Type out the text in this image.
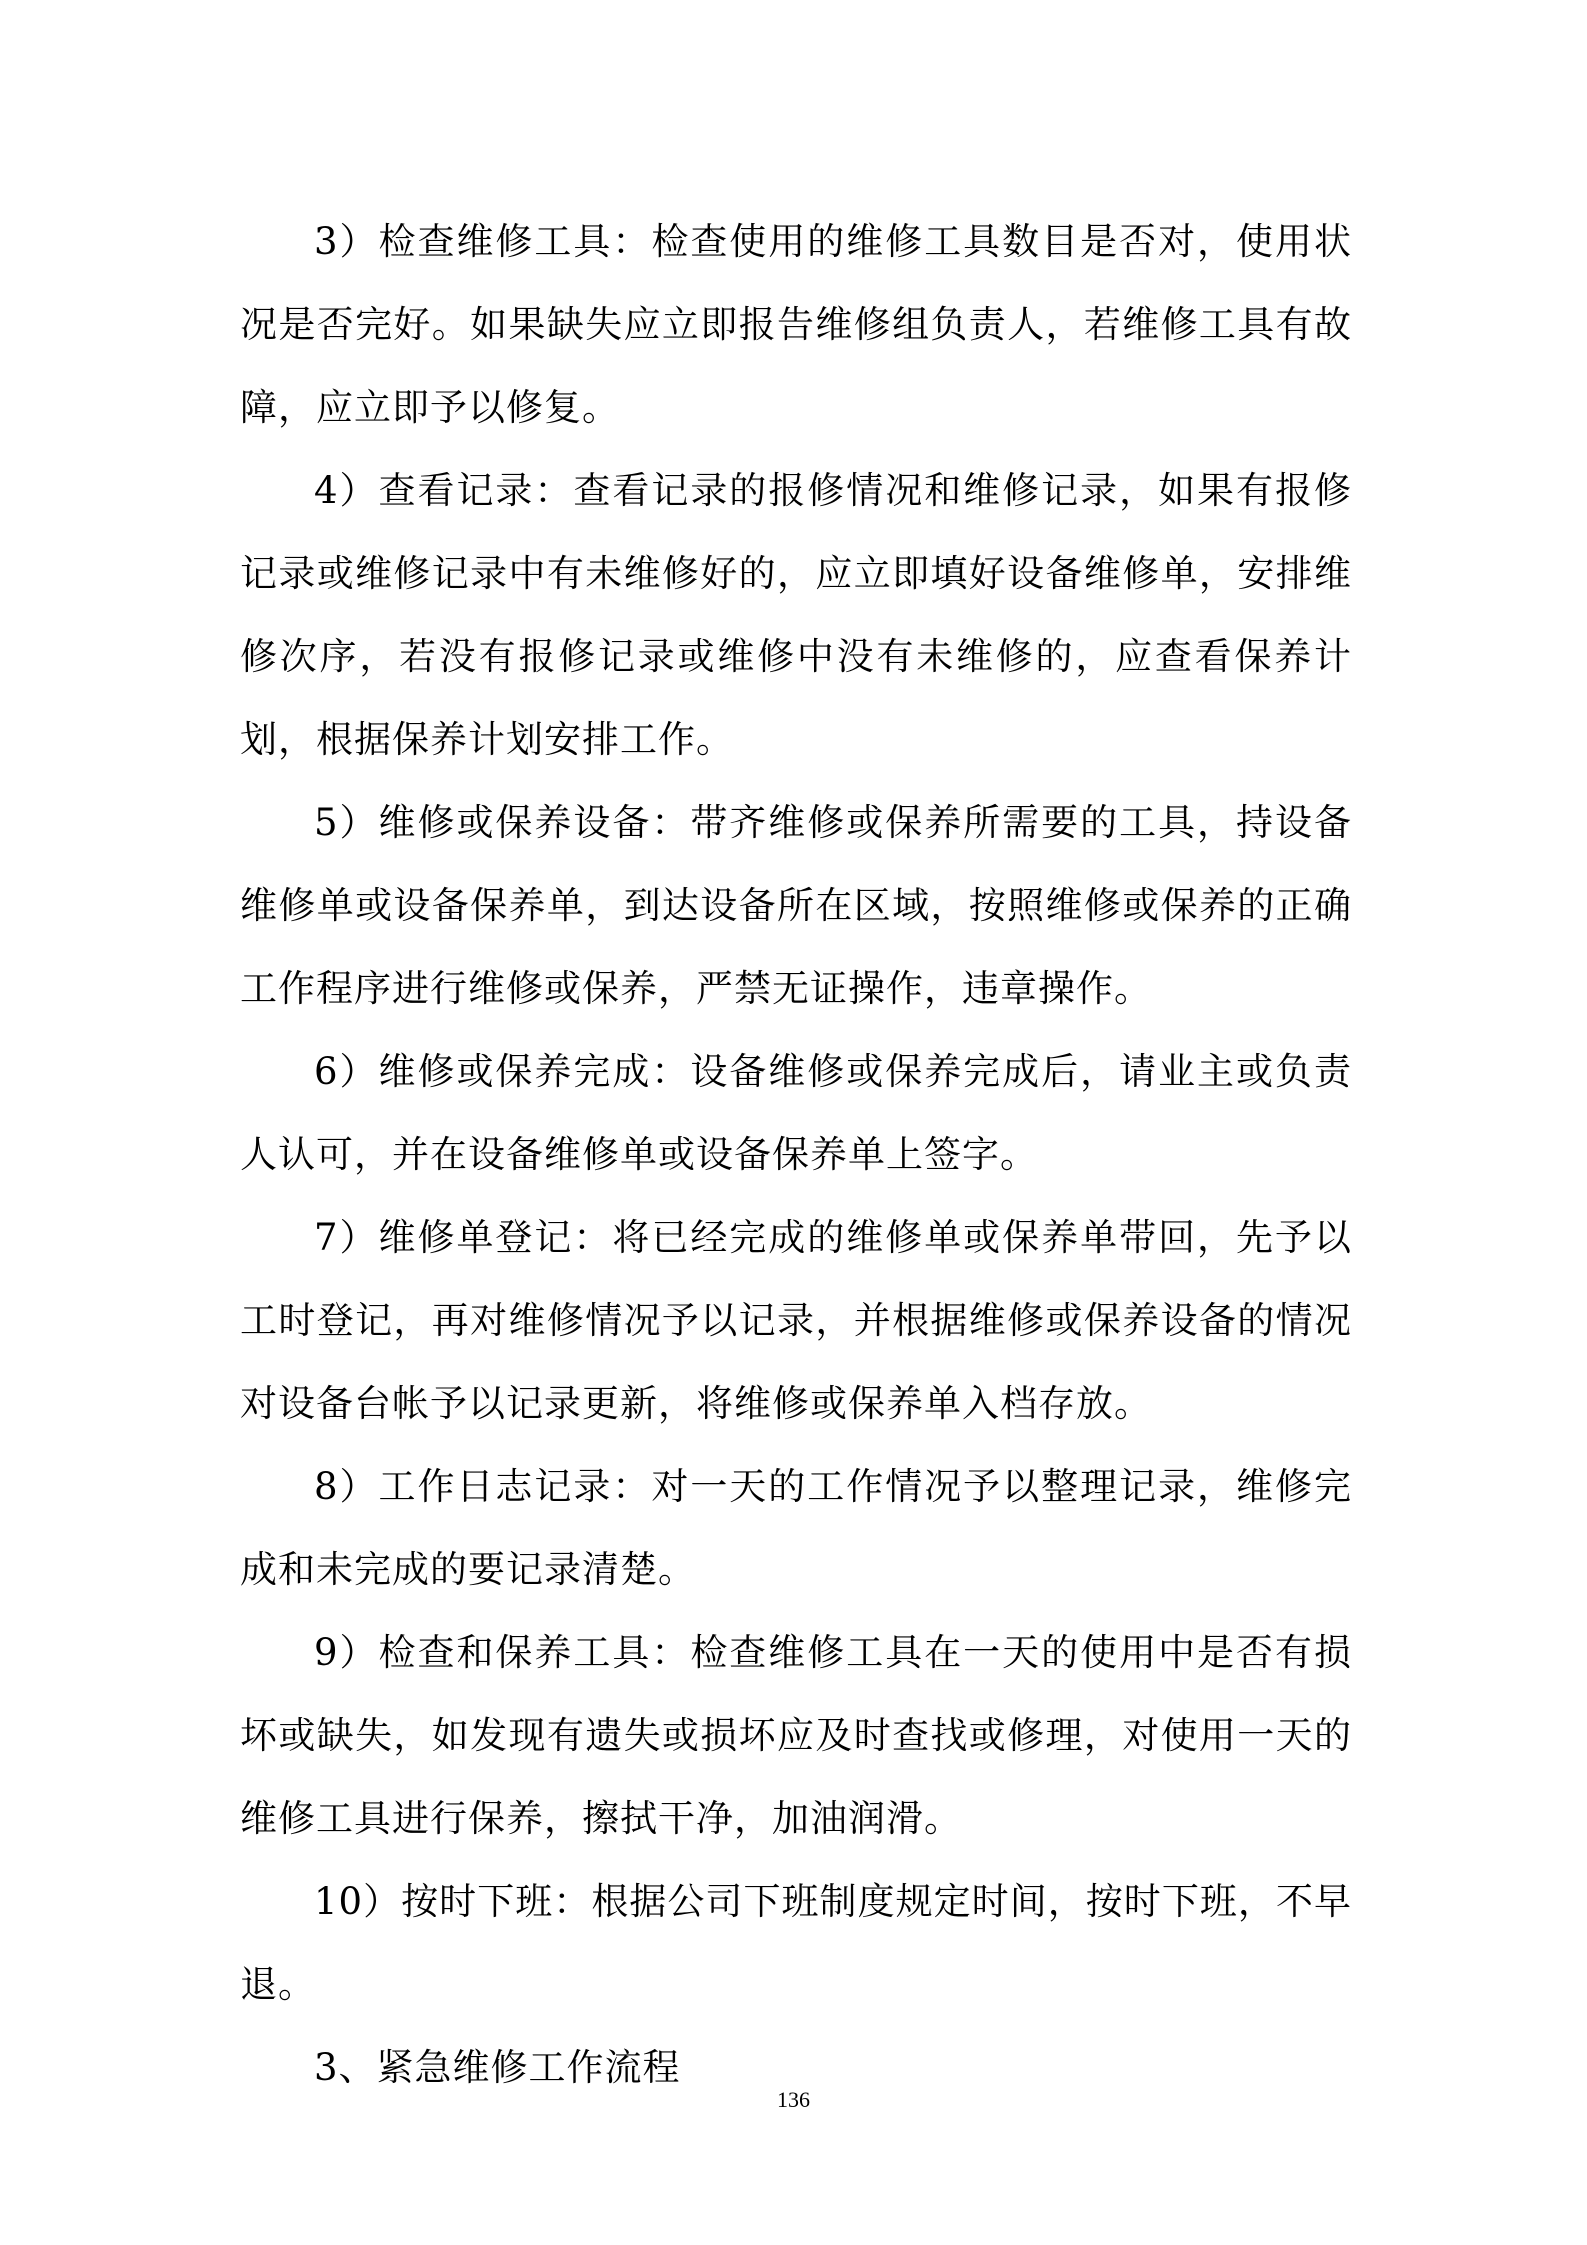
3）检查维修工具：检查使用的维修工具数目是否对，使用状况是否完好。如果缺失应立即报告维修组负责人，若维修工具有故障，应立即予以修复。

4）查看记录：查看记录的报修情况和维修记录，如果有报修记录或维修记录中有未维修好的，应立即填好设备维修单，安排维修次序，若没有报修记录或维修中没有未维修的，应查看保养计划，根据保养计划安排工作。

5）维修或保养设备：带齐维修或保养所需要的工具，持设备维修单或设备保养单，到达设备所在区域，按照维修或保养的正确工作程序进行维修或保养，严禁无证操作，违章操作。

6）维修或保养完成：设备维修或保养完成后，请业主或负责人认可，并在设备维修单或设备保养单上签字。

7）维修单登记：将已经完成的维修单或保养单带回，先予以工时登记，再对维修情况予以记录，并根据维修或保养设备的情况对设备台帐予以记录更新，将维修或保养单入档存放。

8）工作日志记录：对一天的工作情况予以整理记录，维修完成和未完成的要记录清楚。

9）检查和保养工具：检查维修工具在一天的使用中是否有损坏或缺失，如发现有遗失或损坏应及时查找或修理，对使用一天的维修工具进行保养，擦拭干净，加油润滑。

10）按时下班：根据公司下班制度规定时间，按时下班，不早退。

3、紧急维修工作流程

136
